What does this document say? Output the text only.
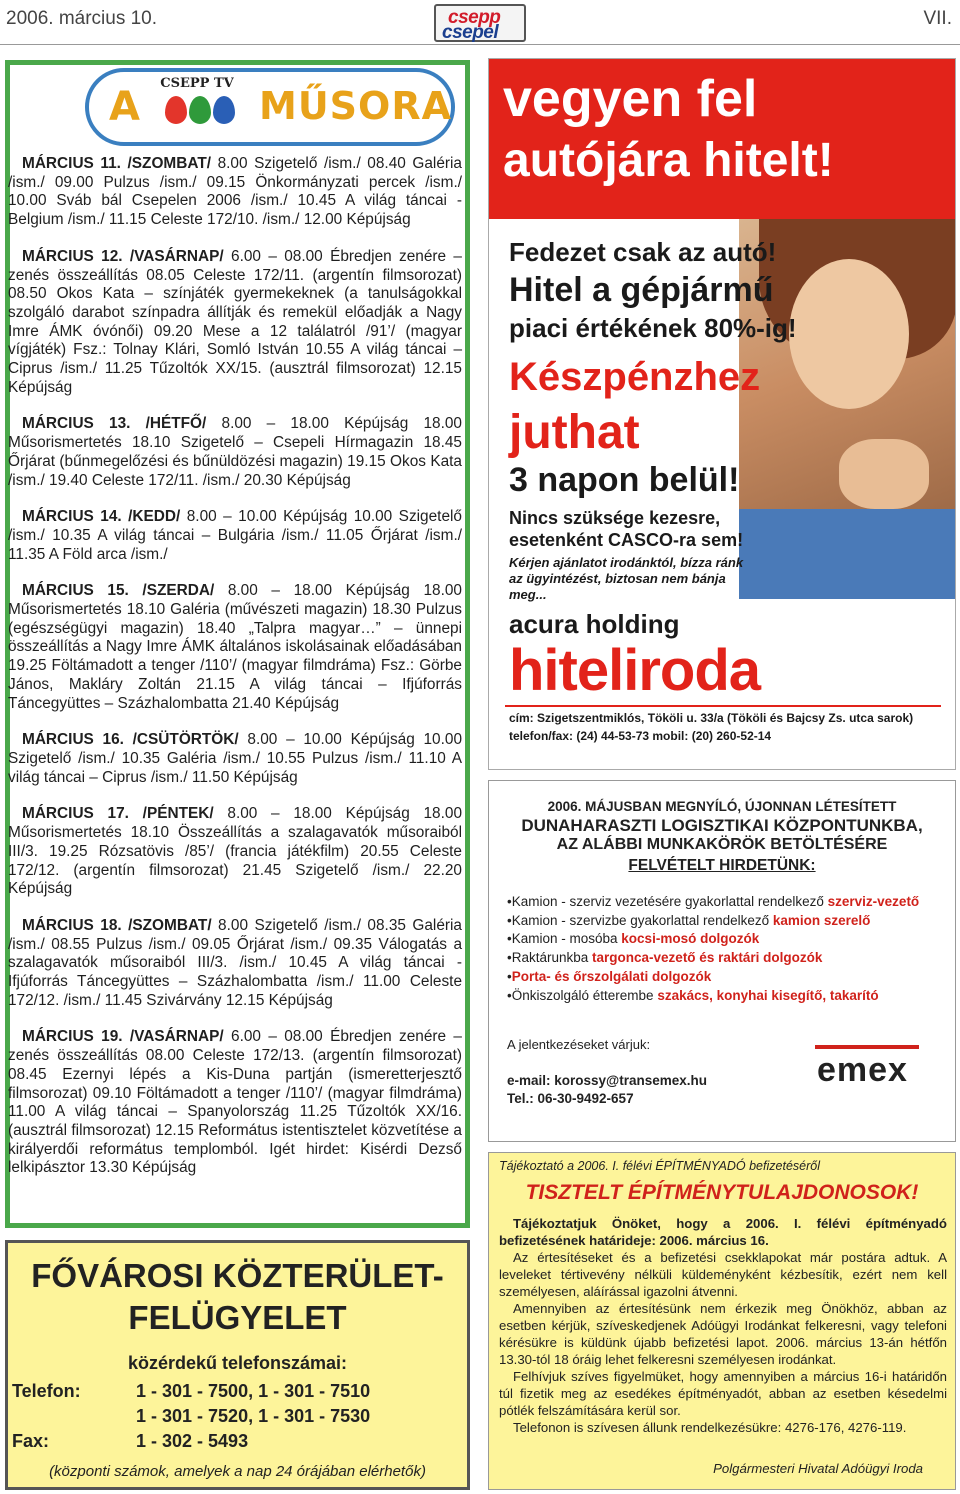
2006. március 10.	csepp
csepel
VII.
A
CSEPP TV
MŰSORA

MÁRCIUS 11. /SZOMBAT/ 8.00 Szigetelő /ism./ 08.40 Galéria /ism./ 09.00 Pulzus /ism./ 09.15 Önkormányzati percek /ism./ 10.00 Sváb bál Csepelen 2006 /ism./ 10.45 A világ táncai - Belgium /ism./ 11.15 Celeste 172/10. /ism./ 12.00 Képújság

MÁRCIUS 12. /VASÁRNAP/ 6.00 – 08.00 Ébredjen zenére – zenés összeállítás 08.05 Celeste 172/11. (argentín filmsorozat) 08.50 Okos Kata – színjáték gyermekeknek (a tanulságokkal szolgáló darabot színpadra állítják és remekül előadják a Nagy Imre ÁMK óvónői) 09.20 Mese a 12 találatról /91’/ (magyar vígjáték) Fsz.: Tolnay Klári, Somló István 10.55 A világ táncai – Ciprus /ism./ 11.25 Tűzoltók XX/15. (ausztrál filmsorozat) 12.15 Képújság

MÁRCIUS 13. /HÉTFŐ/ 8.00 – 18.00 Képújság 18.00 Műsorismertetés 18.10 Szigetelő – Csepeli Hírmagazin 18.45 Őrjárat (bűnmegelőzési és bűnüldözési magazin) 19.15 Okos Kata /ism./ 19.40 Celeste 172/11. /ism./ 20.30 Képújság

MÁRCIUS 14. /KEDD/ 8.00 – 10.00 Képújság 10.00 Szigetelő /ism./ 10.35 A világ táncai – Bulgária /ism./ 11.05 Őrjárat /ism./ 11.35 A Föld arca /ism./

MÁRCIUS 15. /SZERDA/ 8.00 – 18.00 Képújság 18.00 Műsorismertetés 18.10 Galéria (művészeti magazin) 18.30 Pulzus (egészségügyi magazin) 18.40 „Talpra magyar…” – ünnepi összeállítás a Nagy Imre ÁMK általános iskolásainak előadásában 19.25 Föltámadott a tenger /110’/ (magyar filmdráma) Fsz.: Görbe János, Makláry Zoltán 21.15 A világ táncai – Ifjúforrás Táncegyüttes – Százhalombatta 21.40 Képújság

MÁRCIUS 16. /CSÜTÖRTÖK/ 8.00 – 10.00 Képújság 10.00 Szigetelő /ism./ 10.35 Galéria /ism./ 10.55 Pulzus /ism./ 11.10 A világ táncai – Ciprus /ism./ 11.50 Képújság

MÁRCIUS 17. /PÉNTEK/ 8.00 – 18.00 Képújság 18.00 Műsorismertetés 18.10 Összeállítás a szalagavatók műsoraiból III/3. 19.25 Rózsatövis /85’/ (francia játékfilm) 20.55 Celeste 172/12. (argentín filmsorozat) 21.45 Szigetelő /ism./ 22.20 Képújság

MÁRCIUS 18. /SZOMBAT/ 8.00 Szigetelő /ism./ 08.35 Galéria /ism./ 08.55 Pulzus /ism./ 09.05 Őrjárat /ism./ 09.35 Válogatás a szalagavatók műsoraiból III/3. /ism./ 10.45 A világ táncai - Ifjúforrás Táncegyüttes – Százhalombatta /ism./ 11.00 Celeste 172/12. /ism./ 11.45 Szivárvány 12.15 Képújság

MÁRCIUS 19. /VASÁRNAP/ 6.00 – 08.00 Ébredjen zenére – zenés összeállítás 08.00 Celeste 172/13. (argentín filmsorozat) 08.45 Ezernyi lépés a Kis-Duna partján (ismeretterjesztő filmsorozat) 09.10 Föltámadott a tenger /110’/ (magyar filmdráma) 11.00 A világ táncai – Spanyolország 11.25 Tűzoltók XX/16. (ausztrál filmsorozat) 12.15 Református istentisztelet közvetítése a királyerdői református templomból. Igét hirdet: Kisérdi Dezső lelkipásztor 13.30 Képújság

FŐVÁROSI KÖZTERÜLET-
FELÜGYELET
közérdekű telefonszámai:
Telefon:	1 - 301 - 7500, 1 - 301 - 7510
1 - 301 - 7520, 1 - 301 - 7530
Fax:	1 - 302 - 5493
(központi számok, amelyek a nap 24 órájában elérhetők)
vegyen fel
autójára hitelt!
Fedezet csak az autó!
Hitel a gépjármű
piaci értékének 80%-ig!
Készpénzhez
juthat
3 napon belül!
Nincs szüksége kezesre,
esetenként CASCO-ra sem!
Kérjen ajánlatot irodánktól, bízza ránk
az ügyintézést, biztosan nem bánja meg...
acura holding
hiteliroda
cím: Szigetszentmiklós, Tököli u. 33/a (Tököli és Bajcsy Zs. utca sarok)
telefon/fax: (24) 44-53-73 mobil: (20) 260-52-14
2006. MÁJUSBAN MEGNYÍLÓ, ÚJONNAN LÉTESÍTETT
DUNAHARASZTI LOGISZTIKAI KÖZPONTUNKBA,
AZ ALÁBBI MUNKAKÖRÖK BETÖLTÉSÉRE
FELVÉTELT HIRDETÜNK:
• Kamion - szerviz vezetésére gyakorlattal rendelkező szerviz-vezető
• Kamion - szervizbe gyakorlattal rendelkező kamion szerelő
• Kamion - mosóba kocsi-mosó dolgozók
• Raktárunkba targonca-vezető és raktári dolgozók
• Porta- és őrszolgálati dolgozók
• Önkiszolgáló étterembe szakács, konyhai kisegítő, takarító
A jelentkezéseket várjuk:
emex
e-mail: korossy@transemex.hu
Tel.: 06-30-9492-657
Tájékoztató a 2006. I. félévi ÉPÍTMÉNYADÓ befizetéséről
TISZTELT ÉPÍTMÉNYTULAJDONOSOK!

Tájékoztatjuk Önöket, hogy a 2006. I. félévi építményadó befizetésének határideje: 2006. március 16.

Az értesítéseket és a befizetési csekklapokat már postára adtuk. A leveleket tértivevény nélküli küldeményként kézbesítik, ezért nem kell személyesen, aláírással igazolni átvenni.

Amennyiben az értesítésünk nem érkezik meg Önökhöz, abban az esetben kérjük, szíveskedjenek Adóügyi Irodánkat felkeresni, vagy telefoni kérésükre is küldünk újabb befizetési lapot. 2006. március 13-án hétfőn 13.30-tól 18 óráig lehet felkeresni személyesen irodánkat.

Felhívjuk szíves figyelmüket, hogy amennyiben a március 16-i határidőn túl fizetik meg az esedékes építményadót, abban az esetben késedelmi pótlék felszámítására kerül sor.

Telefonon is szívesen állunk rendelkezésükre: 4276-176, 4276-119.

Polgármesteri Hivatal Adóügyi Iroda
